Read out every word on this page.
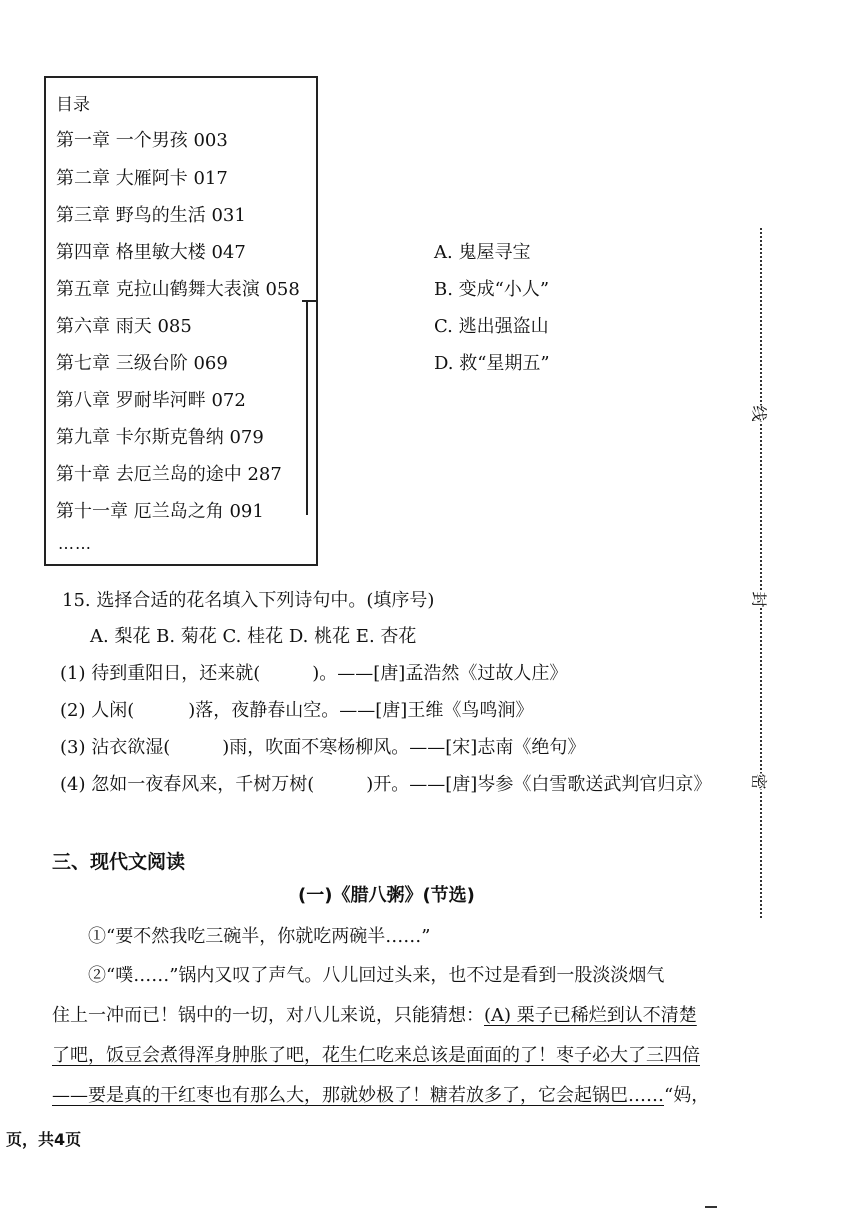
目录
第一章 一个男孩 003
第二章 大雁阿卡 017
第三章 野鸟的生活 031
第四章 格里敏大楼 047
第五章 克拉山鹤舞大表演 058
第六章 雨天 085
第七章 三级台阶 069
第八章 罗耐毕河畔 072
第九章 卡尔斯克鲁纳 079
第十章 去厄兰岛的途中 287
第十一章 厄兰岛之角 091
……
A. 鬼屋寻宝
B. 变成“小人”
C. 逃出强盗山
D. 救“星期五”
线
封
密
15. 选择合适的花名填入下列诗句中。(填序号)
A. 梨花 B. 菊花 C. 桂花 D. 桃花 E. 杏花
(1) 待到重阳日，还来就(	)。——[唐]孟浩然《过故人庄》
(2) 人闲(	)落，夜静春山空。——[唐]王维《鸟鸣涧》
(3) 沾衣欲湿(	)雨，吹面不寒杨柳风。——[宋]志南《绝句》
(4) 忽如一夜春风来，千树万树(	)开。——[唐]岑参《白雪歌送武判官归京》
三、现代文阅读
(一)《腊八粥》(节选)
①“要不然我吃三碗半，你就吃两碗半……”
②“噗……”锅内又叹了声气。八儿回过头来，也不过是看到一股淡淡烟气
住上一冲而已！锅中的一切，对八儿来说，只能猜想：(A) 栗子已稀烂到认不清楚
了吧，饭豆会煮得浑身肿胀了吧，花生仁吃来总该是面面的了！枣子必大了三四倍
——要是真的干红枣也有那么大，那就妙极了！糖若放多了，它会起锅巴……“妈，
页，共4页
